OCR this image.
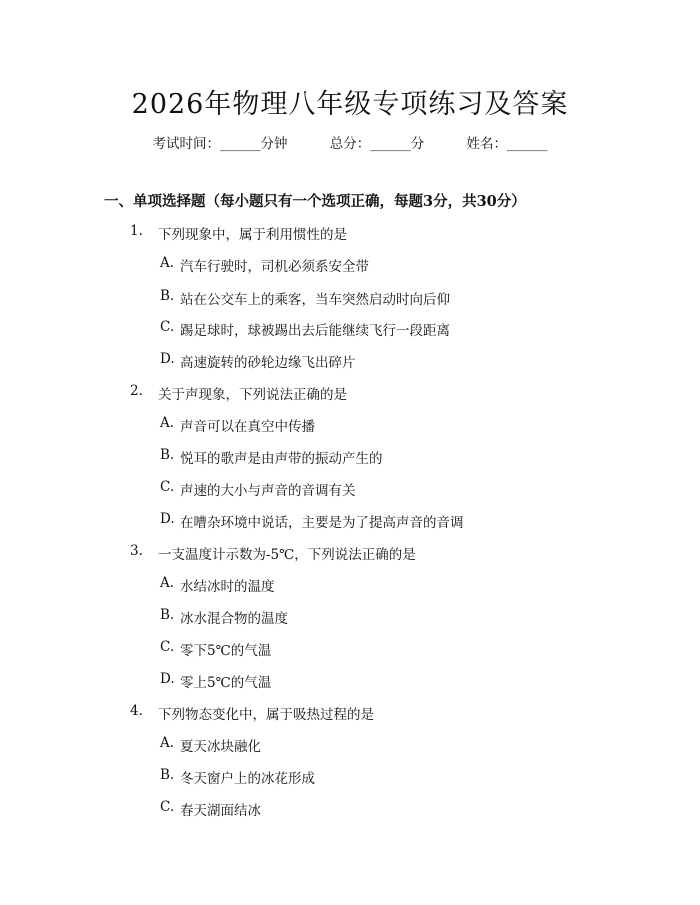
2026年物理八年级专项练习及答案
考试时间：______分钟	总分：______分	姓名：______
一、单项选择题（每小题只有一个选项正确，每题3分，共30分）
1. 下列现象中，属于利用惯性的是
A. 汽车行驶时，司机必须系安全带
B. 站在公交车上的乘客，当车突然启动时向后仰
C. 踢足球时，球被踢出去后能继续飞行一段距离
D. 高速旋转的砂轮边缘飞出碎片
2. 关于声现象，下列说法正确的是
A. 声音可以在真空中传播
B. 悦耳的歌声是由声带的振动产生的
C. 声速的大小与声音的音调有关
D. 在嘈杂环境中说话，主要是为了提高声音的音调
3. 一支温度计示数为-5℃，下列说法正确的是
A. 水结冰时的温度
B. 冰水混合物的温度
C. 零下5℃的气温
D. 零上5℃的气温
4. 下列物态变化中，属于吸热过程的是
A. 夏天冰块融化
B. 冬天窗户上的冰花形成
C. 春天湖面结冰
